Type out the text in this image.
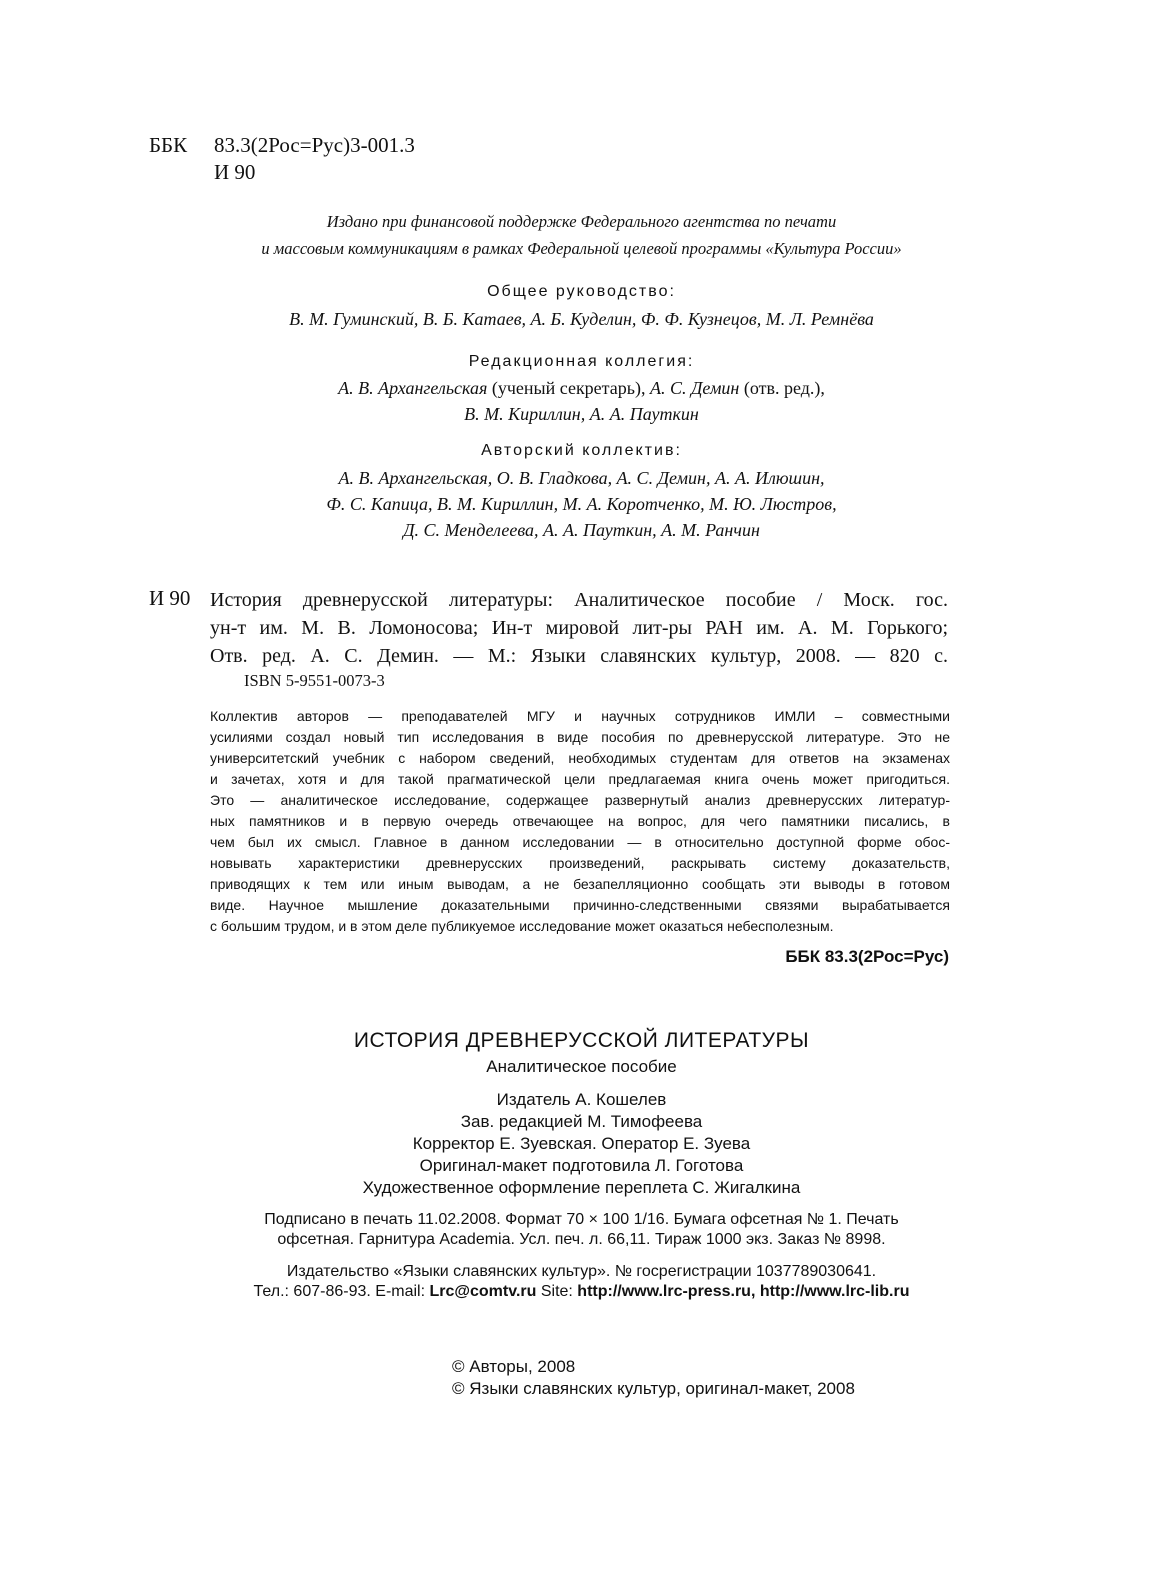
ББК 83.3(2Рос=Рус)3-001.3
И 90
Издано при финансовой поддержке Федерального агентства по печати
и массовым коммуникациям в рамках Федеральной целевой программы «Культура России»
Общее руководство:
В. М. Гуминский, В. Б. Катаев, А. Б. Куделин, Ф. Ф. Кузнецов, М. Л. Ремнёва
Редакционная коллегия:
А. В. Архангельская (ученый секретарь), А. С. Демин (отв. ред.),
В. М. Кириллин, А. А. Пауткин
Авторский коллектив:
А. В. Архангельская, О. В. Гладкова, А. С. Демин, А. А. Илюшин,
Ф. С. Капица, В. М. Кириллин, М. А. Коротченко, М. Ю. Люстров,
Д. С. Менделеева, А. А. Пауткин, А. М. Ранчин
И 90 История древнерусской литературы: Аналитическое пособие / Моск. гос.
ун-т им. М. В. Ломоносова; Ин-т мировой лит-ры РАН им. А. М. Горького;
Отв. ред. А. С. Демин. — М.: Языки славянских культур, 2008. — 820 с.
ISBN 5-9551-0073-3
Коллектив авторов — преподавателей МГУ и научных сотрудников ИМЛИ – совместными
усилиями создал новый тип исследования в виде пособия по древнерусской литературе. Это не
университетский учебник с набором сведений, необходимых студентам для ответов на экзаменах
и зачетах, хотя и для такой прагматической цели предлагаемая книга очень может пригодиться.
Это — аналитическое исследование, содержащее развернутый анализ древнерусских литератур-
ных памятников и в первую очередь отвечающее на вопрос, для чего памятники писались, в
чем был их смысл. Главное в данном исследовании — в относительно доступной форме обос-
новывать характеристики древнерусских произведений, раскрывать систему доказательств,
приводящих к тем или иным выводам, а не безапелляционно сообщать эти выводы в готовом
виде. Научное мышление доказательными причинно-следственными связями вырабатывается
с большим трудом, и в этом деле публикуемое исследование может оказаться небесполезным.
ББК 83.3(2Рос=Рус)
ИСТОРИЯ ДРЕВНЕРУССКОЙ ЛИТЕРАТУРЫ
Аналитическое пособие
Издатель А. Кошелев
Зав. редакцией М. Тимофеева
Корректор Е. Зуевская. Оператор Е. Зуева
Оригинал-макет подготовила Л. Гоготова
Художественное оформление переплета С. Жигалкина
Подписано в печать 11.02.2008. Формат 70 × 100 1/16. Бумага офсетная № 1. Печать
офсетная. Гарнитура Academia. Усл. печ. л. 66,11. Тираж 1000 экз. Заказ № 8998.
Издательство «Языки славянских культур». № госрегистрации 1037789030641.
Тел.: 607-86-93. E-mail: Lrc@comtv.ru Site: http://www.lrc-press.ru, http://www.lrc-lib.ru
© Авторы, 2008
© Языки славянских культур, оригинал-макет, 2008
